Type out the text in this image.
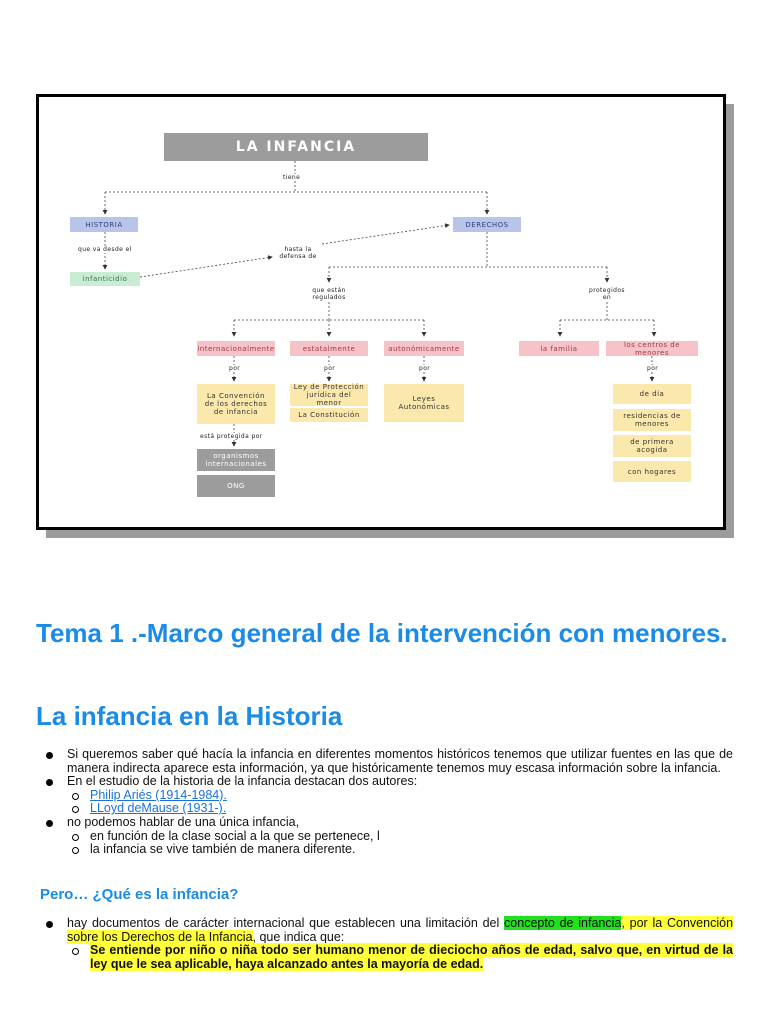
LA INFANCIA
tiene
HISTORIA	DERECHOS
que va desde el
infanticidio
hasta la
defensa de
que están
regulados
protegidos
en
internacionalmente	estatalmente	autonómicamente	la familia	los centros de menores
por	por	por	por
La Convención
de los derechos
de infancia
Ley de Protección
jurídica del menor
La Constitución
Leyes
Autonómicas
está protegida por
organismos
internacionales
ONG
de día
residencias de
menores
de primera
acogida
con hogares
Tema 1 .-Marco general de la intervención con menores.
La infancia en la Historia
Si queremos saber qué hacía la infancia en diferentes momentos históricos tenemos que utilizar fuentes en las que de manera indirecta aparece esta información, ya que históricamente tenemos muy escasa información sobre la infancia.
En el estudio de la historia de la infancia destacan dos autores:
Philip Ariés (1914-1984).
LLoyd deMause (1931-).
no podemos hablar de una única infancia,
en función de la clase social a la que se pertenece, l
la infancia se vive también de manera diferente.
Pero… ¿Qué es la infancia?
hay documentos de carácter internacional que establecen una limitación del concepto de infancia, por la Convención sobre los Derechos de la Infancia, que indica que:
Se entiende por niño o niña todo ser humano menor de dieciocho años de edad, salvo que, en virtud de la ley que le sea aplicable, haya alcanzado antes la mayoría de edad.
